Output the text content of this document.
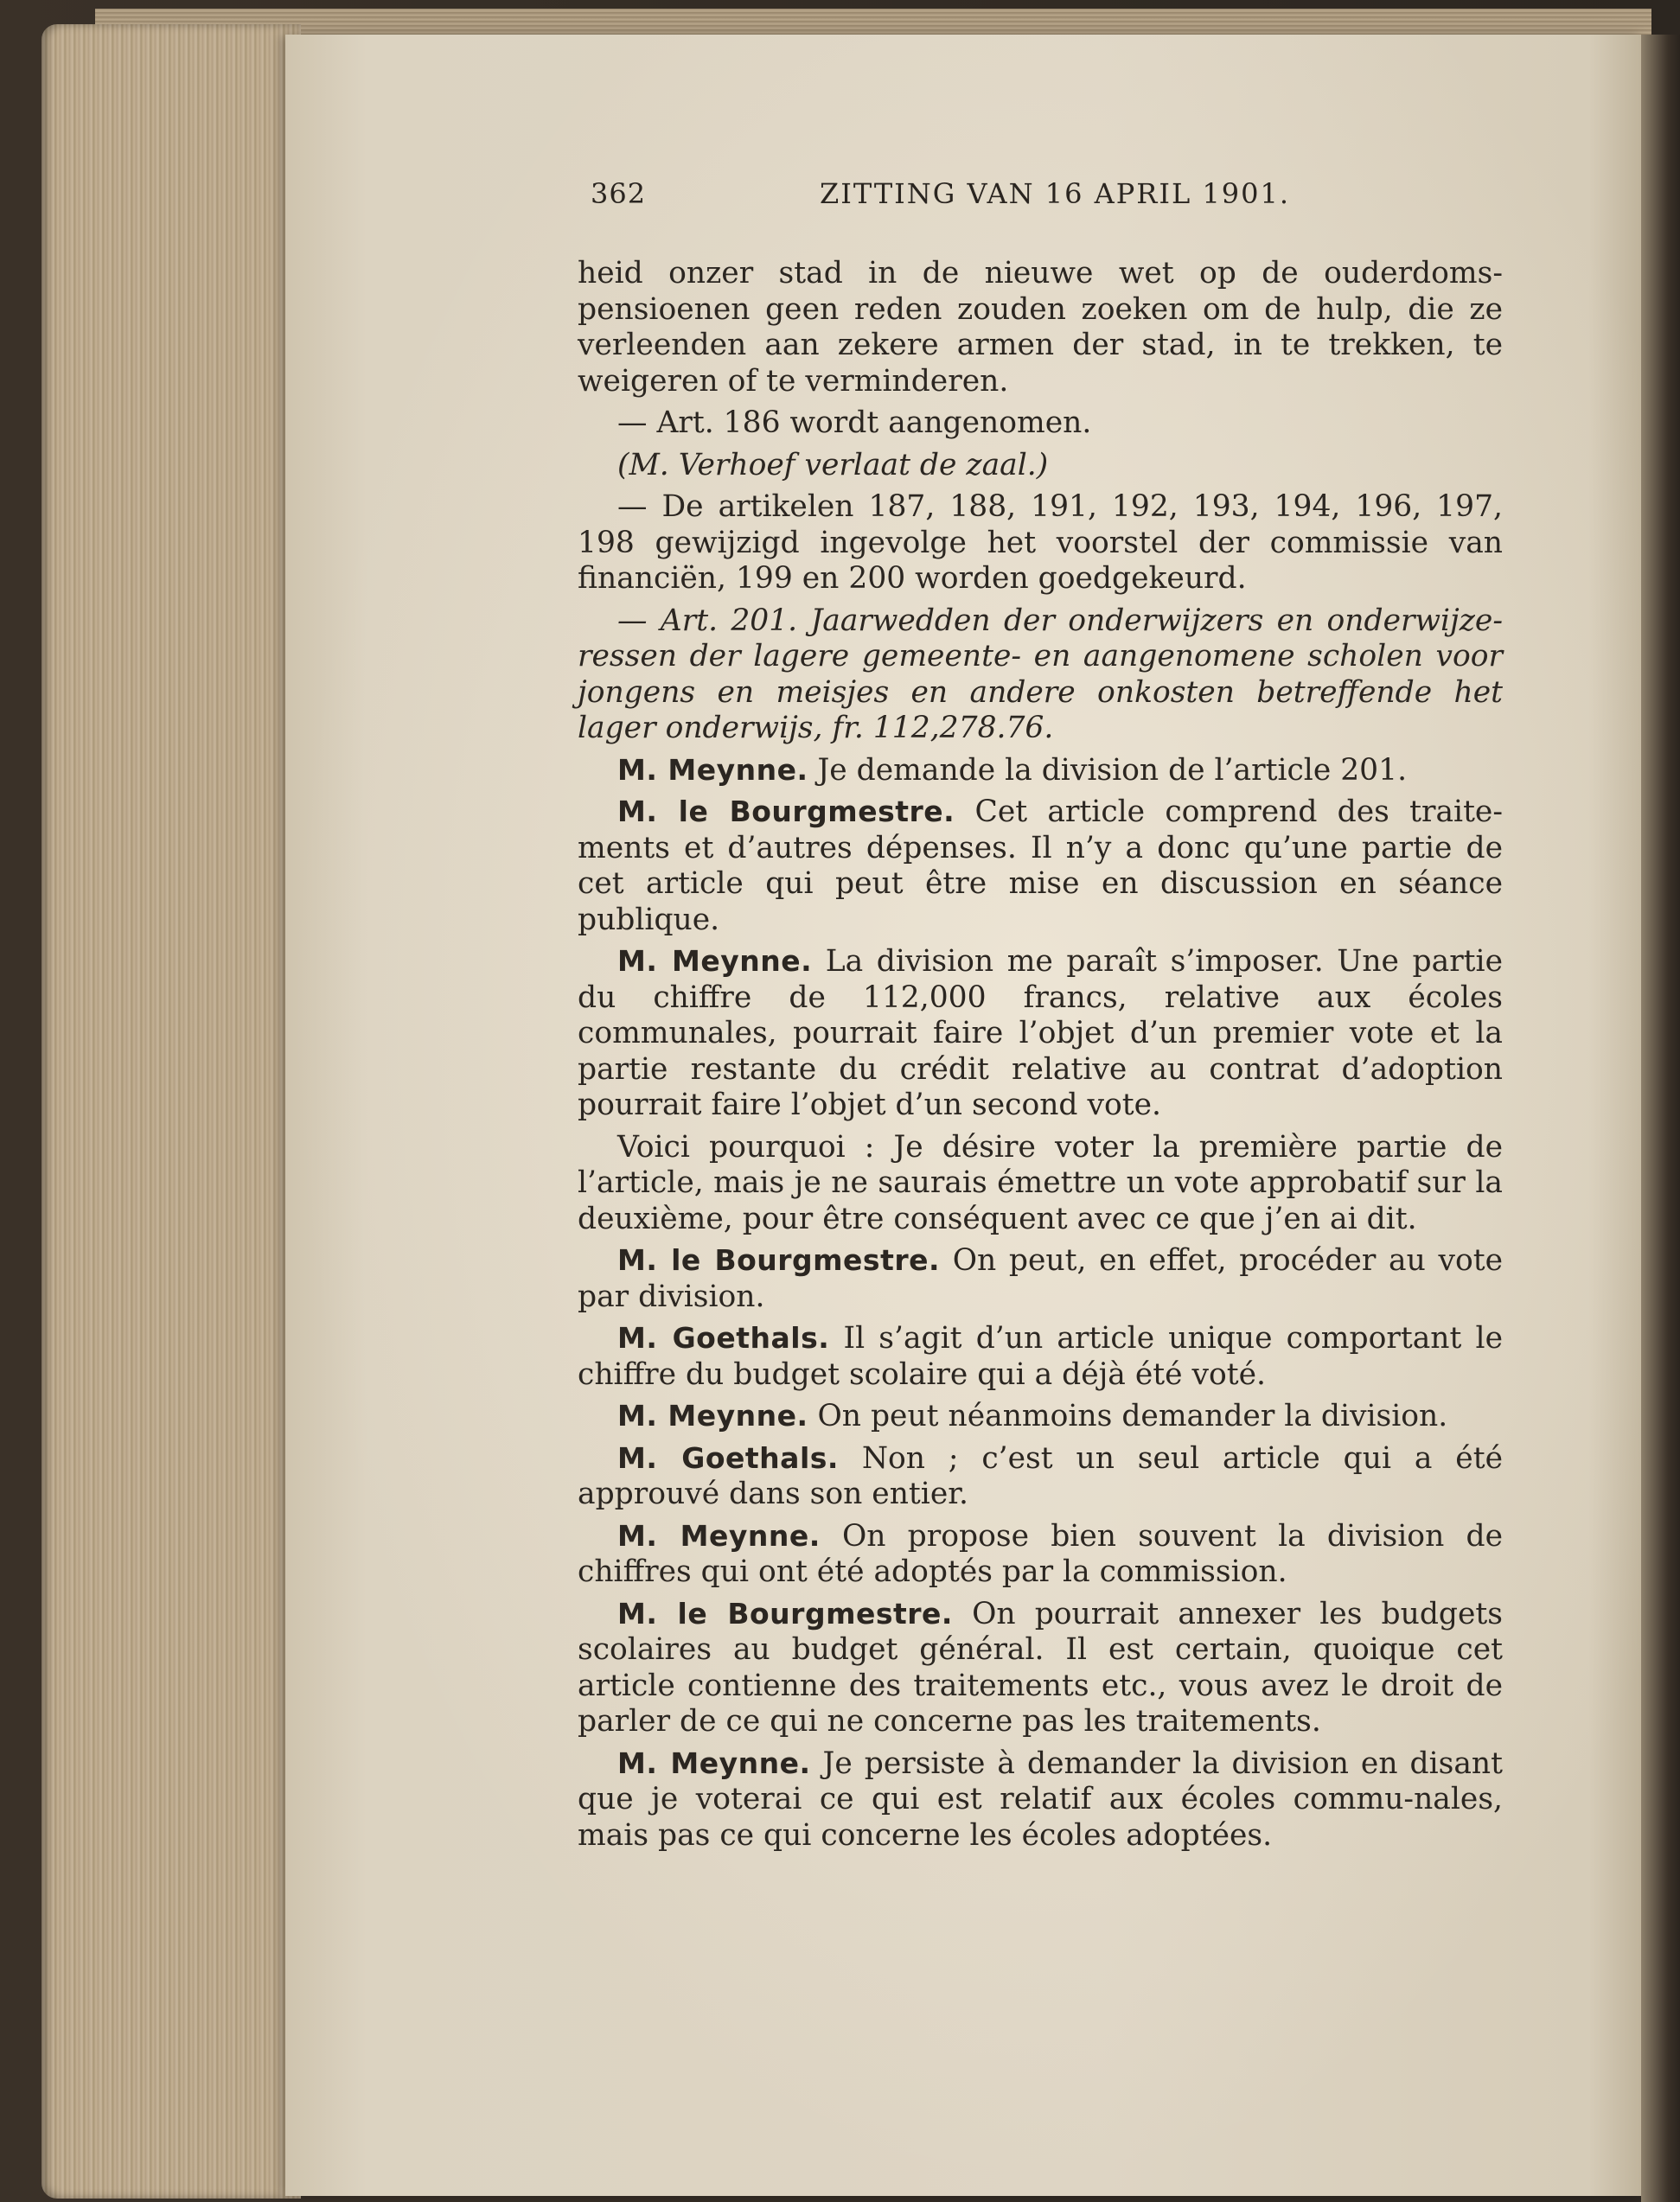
362	ZITTING VAN 16 APRIL 1901.

heid onzer stad in de nieuwe wet op de ouderdoms-pensioenen geen reden zouden zoeken om de hulp, die ze verleenden aan zekere armen der stad, in te trekken, te weigeren of te verminderen.

— Art. 186 wordt aangenomen.

(M. Verhoef verlaat de zaal.)

— De artikelen 187, 188, 191, 192, 193, 194, 196, 197, 198 gewijzigd ingevolge het voorstel der commissie van financiën, 199 en 200 worden goedgekeurd.

— Art. 201. Jaarwedden der onderwijzers en onderwijze-ressen der lagere gemeente- en aangenomene scholen voor jongens en meisjes en andere onkosten betreffende het lager onderwijs, fr. 112,278.76.

M. Meynne. Je demande la division de l’article 201.

M. le Bourgmestre. Cet article comprend des traite-ments et d’autres dépenses. Il n’y a donc qu’une partie de cet article qui peut être mise en discussion en séance publique.

M. Meynne. La division me paraît s’imposer. Une partie du chiffre de 112,000 francs, relative aux écoles communales, pourrait faire l’objet d’un premier vote et la partie restante du crédit relative au contrat d’adoption pourrait faire l’objet d’un second vote.

Voici pourquoi : Je désire voter la première partie de l’article, mais je ne saurais émettre un vote approbatif sur la deuxième, pour être conséquent avec ce que j’en ai dit.

M. le Bourgmestre. On peut, en effet, procéder au vote par division.

M. Goethals. Il s’agit d’un article unique comportant le chiffre du budget scolaire qui a déjà été voté.

M. Meynne. On peut néanmoins demander la division.

M. Goethals. Non ; c’est un seul article qui a été approuvé dans son entier.

M. Meynne. On propose bien souvent la division de chiffres qui ont été adoptés par la commission.

M. le Bourgmestre. On pourrait annexer les budgets scolaires au budget général. Il est certain, quoique cet article contienne des traitements etc., vous avez le droit de parler de ce qui ne concerne pas les traitements.

M. Meynne. Je persiste à demander la division en disant que je voterai ce qui est relatif aux écoles commu-nales, mais pas ce qui concerne les écoles adoptées.
